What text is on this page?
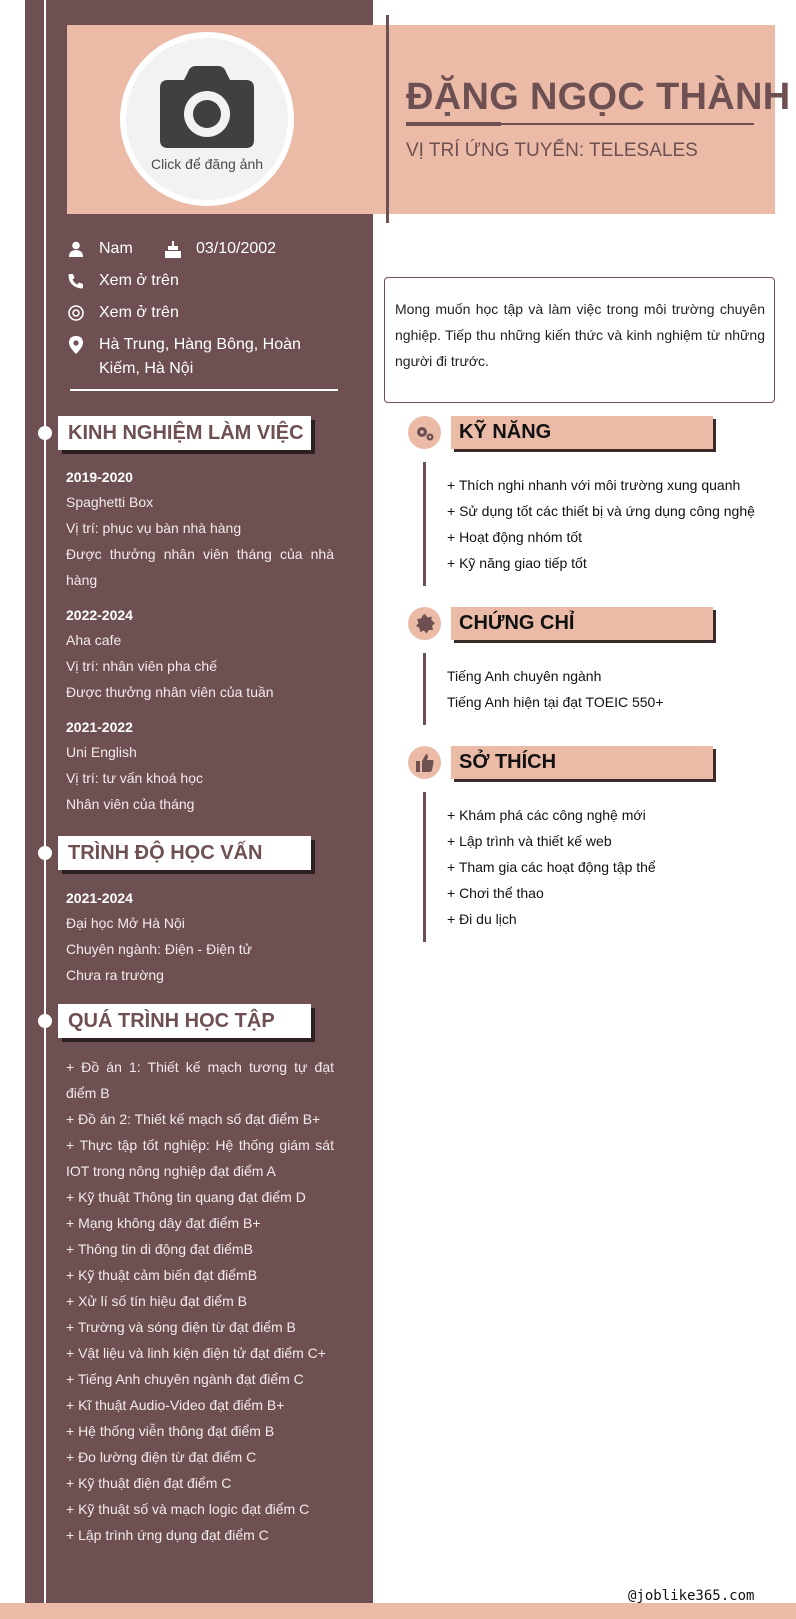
Click để đăng ảnh
ĐẶNG NGỌC THÀNH
VỊ TRÍ ỨNG TUYỂN: TELESALES
Nam	03/10/2002
Xem ở trên
Xem ở trên
Hà Trung, Hàng Bông, Hoàn
Kiếm, Hà Nội
KINH NGHIỆM LÀM VIỆC
2019-2020
Spaghetti Box
Vị trí: phục vụ bàn nhà hàng
Được thưởng nhân viên tháng của nhà hàng
2022-2024
Aha cafe
Vị trí: nhân viên pha chế
Được thưởng nhân viên của tuần
2021-2022
Uni English
Vị trí: tư vấn khoá học
Nhân viên của tháng
TRÌNH ĐỘ HỌC VẤN
2021-2024
Đại học Mở Hà Nội
Chuyên ngành: Điện - Điện tử
Chưa ra trường
QUÁ TRÌNH HỌC TẬP
+ Đồ án 1: Thiết kế mạch tương tự đạt điểm B
+ Đồ án 2: Thiết kế mạch số đạt điểm B+
+ Thực tập tốt nghiệp: Hệ thống giám sát IOT trong nông nghiệp đạt điểm A
+ Kỹ thuật Thông tin quang đạt điểm D
+ Mạng không dây đạt điểm B+
+ Thông tin di động đạt điểmB
+ Kỹ thuật cảm biến đạt điểmB
+ Xử lí số tín hiệu đạt điểm B
+ Trường và sóng điện từ đạt điểm B
+ Vật liệu và linh kiện điện tử đạt điểm C+
+ Tiếng Anh chuyên ngành đạt điểm C
+ Kĩ thuật Audio-Video đạt điểm B+
+ Hệ thống viễn thông đạt điểm B
+ Đo lường điện từ đạt điểm C
+ Kỹ thuật điện đạt điểm C
+ Kỹ thuật số và mạch logic đạt điểm C
+ Lập trình ứng dụng đạt điểm C
Mong muốn học tập và làm việc trong môi trường chuyên nghiệp. Tiếp thu những kiến thức và kinh nghiệm từ những người đi trước.
KỸ NĂNG
+ Thích nghi nhanh với môi trường xung quanh
+ Sử dụng tốt các thiết bị và ứng dụng công nghệ
+ Hoạt động nhóm tốt
+ Kỹ năng giao tiếp tốt
CHỨNG CHỈ
Tiếng Anh chuyên ngành
Tiếng Anh hiện tại đạt TOEIC 550+
SỞ THÍCH
+ Khám phá các công nghệ mới
+ Lập trình và thiết kế web
+ Tham gia các hoạt động tập thể
+ Chơi thể thao
+ Đi du lịch
@joblike365.com
